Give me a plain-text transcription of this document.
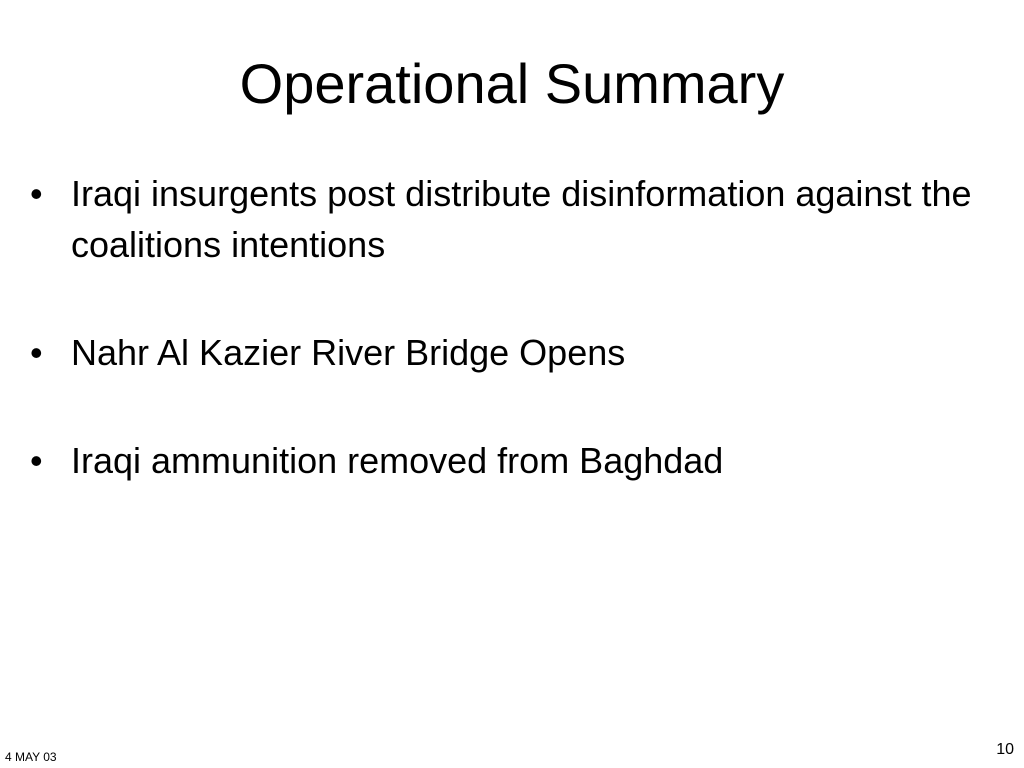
Operational Summary
• Iraqi insurgents post distribute disinformation against the coalitions intentions
• Nahr Al Kazier River Bridge Opens
• Iraqi ammunition removed from Baghdad
4 MAY 03	10
